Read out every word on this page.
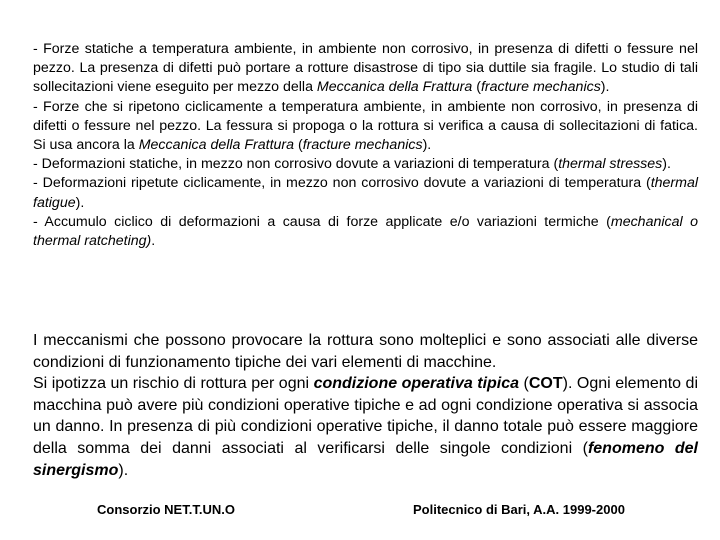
- Forze statiche a temperatura ambiente, in ambiente non corrosivo, in presenza di difetti o fessure nel pezzo. La presenza di difetti può portare a rotture disastrose di tipo sia duttile sia fragile. Lo studio di tali sollecitazioni viene eseguito per mezzo della Meccanica della Frattura (fracture mechanics).

- Forze che si ripetono ciclicamente a temperatura ambiente, in ambiente non corrosivo, in presenza di difetti o fessure nel pezzo. La fessura si propoga o la rottura si verifica a causa di sollecitazioni di fatica. Si usa ancora la Meccanica della Frattura (fracture mechanics).

- Deformazioni statiche, in mezzo non corrosivo dovute a variazioni di temperatura (thermal stresses).

- Deformazioni ripetute ciclicamente, in mezzo non corrosivo dovute a variazioni di temperatura (thermal fatigue).

- Accumulo ciclico di deformazioni a causa di forze applicate e/o variazioni termiche (mechanical o thermal ratcheting).

I meccanismi che possono provocare la rottura sono molteplici e sono associati alle diverse condizioni di funzionamento tipiche dei vari elementi di macchine.

Si ipotizza un rischio di rottura per ogni condizione operativa tipica (COT). Ogni elemento di macchina può avere più condizioni operative tipiche e ad ogni condizione operativa si associa un danno. In presenza di più condizioni operative tipiche, il danno totale può essere maggiore della somma dei danni associati al verificarsi delle singole condizioni (fenomeno del sinergismo).

Consorzio NET.T.UN.O	Politecnico di Bari, A.A. 1999-2000
